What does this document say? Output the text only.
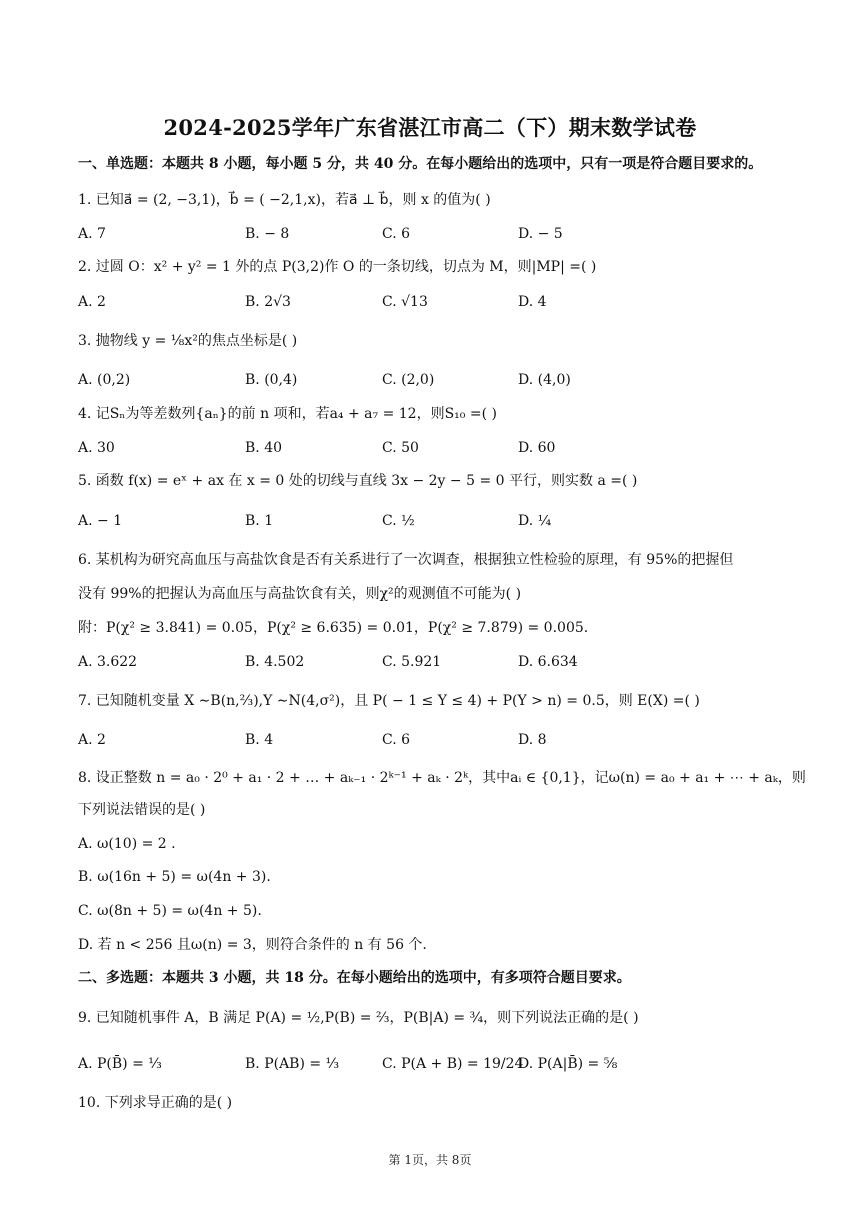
2024-2025学年广东省湛江市高二（下）期末数学试卷
一、单选题：本题共 8 小题，每小题 5 分，共 40 分。在每小题给出的选项中，只有一项是符合题目要求的。
1. 已知a⃗ = (2, −3,1)，b⃗ = ( −2,1,x)，若a⃗ ⊥ b⃗，则 x 的值为( )
A. 7	B. − 8	C. 6	D. − 5
2. 过圆 O：x² + y² = 1 外的点 P(3,2)作 O 的一条切线，切点为 M，则|MP| =( )
A. 2	B. 2√3	C. √13	D. 4
3. 抛物线 y = ⅛x²的焦点坐标是( )
A. (0,2)	B. (0,4)	C. (2,0)	D. (4,0)
4. 记Sₙ为等差数列{aₙ}的前 n 项和，若a₄ + a₇ = 12，则S₁₀ =( )
A. 30	B. 40	C. 50	D. 60
5. 函数 f(x) = eˣ + ax 在 x = 0 处的切线与直线 3x − 2y − 5 = 0 平行，则实数 a =( )
A. − 1	B. 1	C. ½	D. ¼
6. 某机构为研究高血压与高盐饮食是否有关系进行了一次调查，根据独立性检验的原理，有 95%的把握但
没有 99%的把握认为高血压与高盐饮食有关，则χ²的观测值不可能为( )
附：P(χ² ≥ 3.841) = 0.05，P(χ² ≥ 6.635) = 0.01，P(χ² ≥ 7.879) = 0.005.
A. 3.622	B. 4.502	C. 5.921	D. 6.634
7. 已知随机变量 X ∼B(n,⅔),Y ∼N(4,σ²)，且 P( − 1 ≤ Y ≤ 4) + P(Y > n) = 0.5，则 E(X) =( )
A. 2	B. 4	C. 6	D. 8
8. 设正整数 n = a₀ · 2⁰ + a₁ · 2 + … + aₖ₋₁ · 2ᵏ⁻¹ + aₖ · 2ᵏ，其中aᵢ ∈ {0,1}，记ω(n) = a₀ + a₁ + ⋯ + aₖ，则
下列说法错误的是( )
A. ω(10) = 2 .
B. ω(16n + 5) = ω(4n + 3).
C. ω(8n + 5) = ω(4n + 5).
D. 若 n < 256 且ω(n) = 3，则符合条件的 n 有 56 个.
二、多选题：本题共 3 小题，共 18 分。在每小题给出的选项中，有多项符合题目要求。
9. 已知随机事件 A，B 满足 P(A) = ½,P(B) = ⅔，P(B|A) = ¾，则下列说法正确的是( )
A. P(B̄) = ⅓	B. P(AB) = ⅓	C. P(A + B) = 19/24
D. P(A|B̄) = ⅝
10. 下列求导正确的是( )
第 1页，共 8页
